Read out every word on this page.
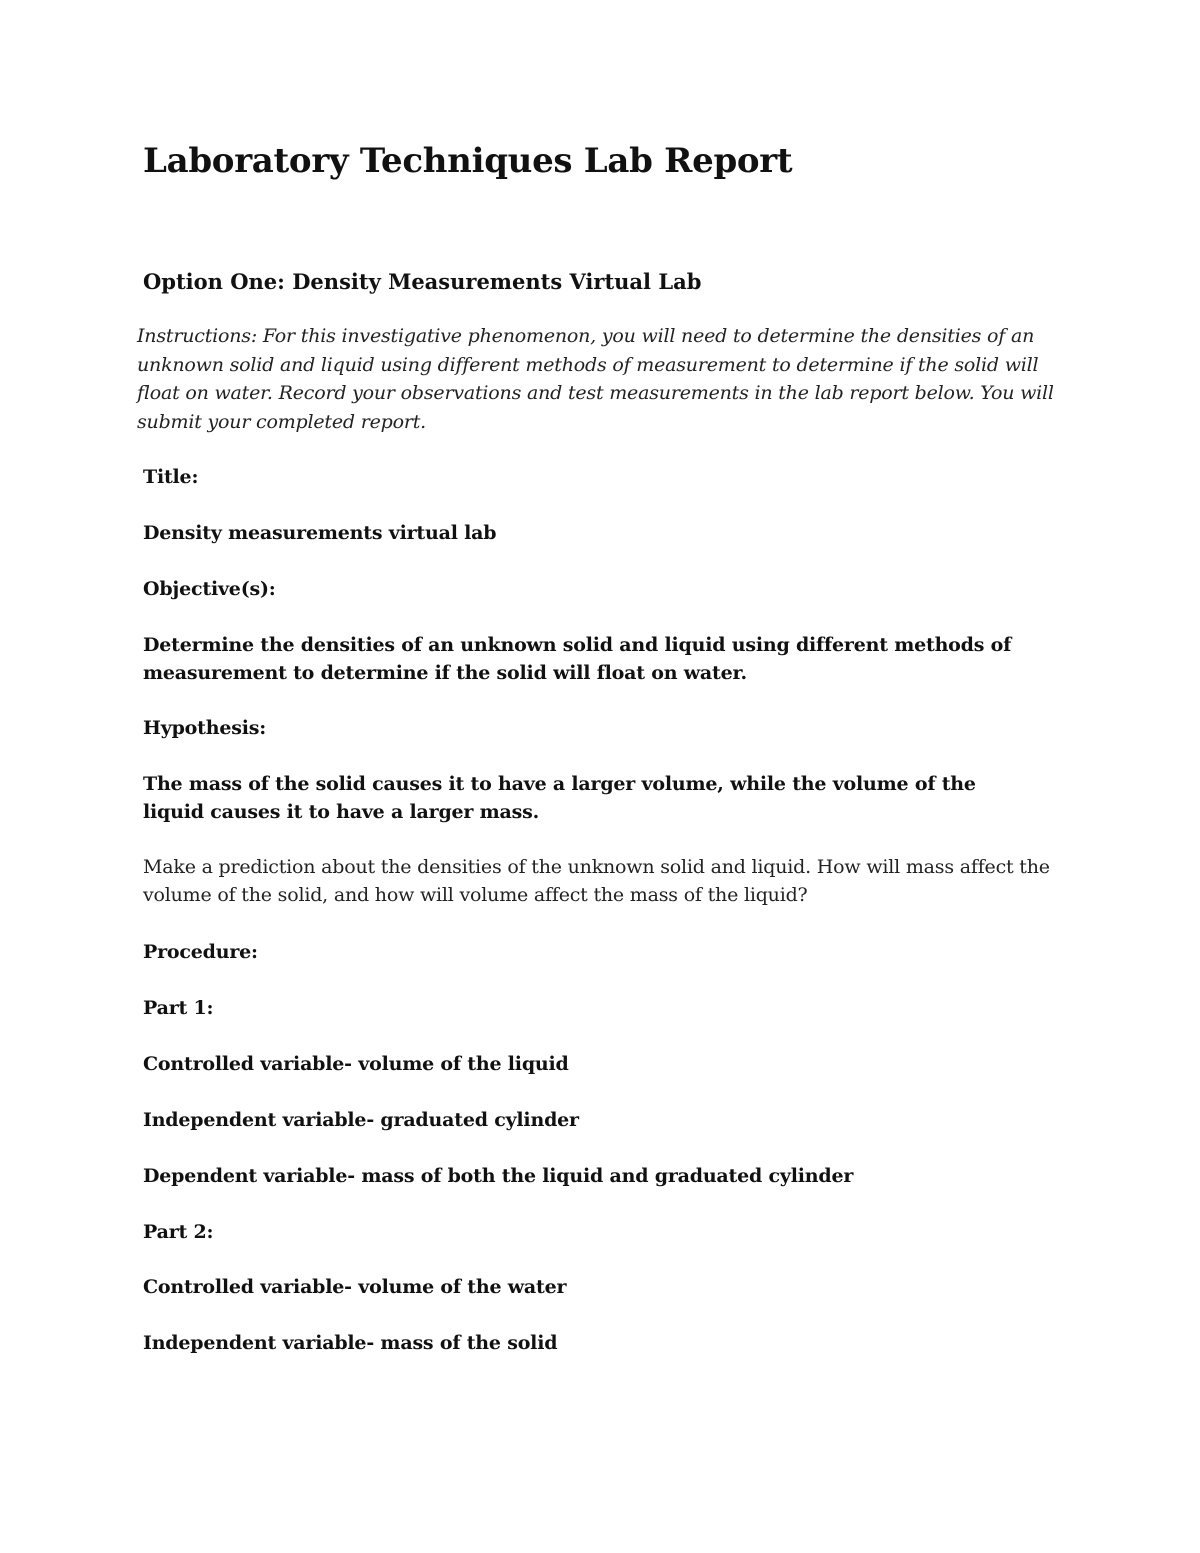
Laboratory Techniques Lab Report
Option One: Density Measurements Virtual Lab

Instructions: For this investigative phenomenon, you will need to determine the densities of an unknown solid and liquid using different methods of measurement to determine if the solid will float on water. Record your observations and test measurements in the lab report below. You will submit your completed report.

Title:

Density measurements virtual lab

Objective(s):

Determine the densities of an unknown solid and liquid using different methods of measurement to determine if the solid will float on water.

Hypothesis:

The mass of the solid causes it to have a larger volume, while the volume of the liquid causes it to have a larger mass.

Make a prediction about the densities of the unknown solid and liquid. How will mass affect the volume of the solid, and how will volume affect the mass of the liquid?

Procedure:

Part 1:

Controlled variable- volume of the liquid

Independent variable- graduated cylinder

Dependent variable- mass of both the liquid and graduated cylinder

Part 2:

Controlled variable- volume of the water

Independent variable- mass of the solid
